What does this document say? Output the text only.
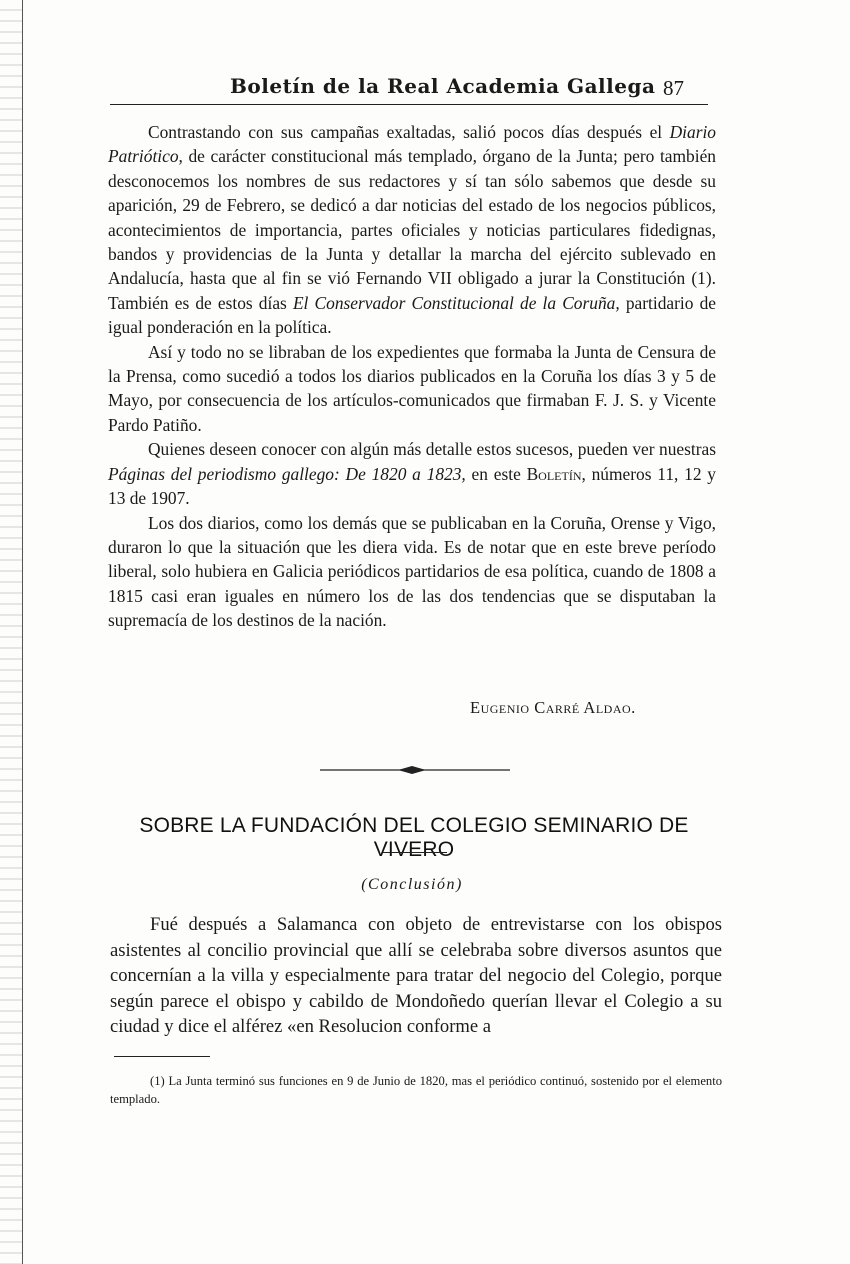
Boletín de la Real Academia Gallega 87

Contrastando con sus campañas exaltadas, salió pocos días después el Diario Patriótico, de carácter constitucional más templado, órgano de la Junta; pero también desconocemos los nombres de sus redactores y sí tan sólo sabemos que desde su aparición, 29 de Febrero, se dedicó a dar noticias del estado de los negocios públicos, acontecimientos de importancia, partes oficiales y noticias particulares fidedignas, bandos y providencias de la Junta y detallar la marcha del ejército sublevado en Andalucía, hasta que al fin se vió Fernando VII obligado a jurar la Constitución (1). También es de estos días El Conservador Constitucional de la Coruña, partidario de igual ponderación en la política.

Así y todo no se libraban de los expedientes que formaba la Junta de Censura de la Prensa, como sucedió a todos los diarios publicados en la Coruña los días 3 y 5 de Mayo, por consecuencia de los artículos-comunicados que firmaban F. J. S. y Vicente Pardo Patiño.

Quienes deseen conocer con algún más detalle estos sucesos, pueden ver nuestras Páginas del periodismo gallego: De 1820 a 1823, en este Boletín, números 11, 12 y 13 de 1907.

Los dos diarios, como los demás que se publicaban en la Coruña, Orense y Vigo, duraron lo que la situación que les diera vida. Es de notar que en este breve período liberal, solo hubiera en Galicia periódicos partidarios de esa política, cuando de 1808 a 1815 casi eran iguales en número los de las dos tendencias que se disputaban la supremacía de los destinos de la nación.

Eugenio Carré Aldao.
SOBRE LA FUNDACIÓN DEL COLEGIO SEMINARIO DE VIVERO
(Conclusión)

Fué después a Salamanca con objeto de entrevistarse con los obispos asistentes al concilio provincial que allí se celebraba sobre diversos asuntos que concernían a la villa y especialmente para tratar del negocio del Colegio, porque según parece el obispo y cabildo de Mondoñedo querían llevar el Colegio a su ciudad y dice el alférez «en Resolucion conforme a

(1) La Junta terminó sus funciones en 9 de Junio de 1820, mas el periódico continuó, sostenido por el elemento templado.
